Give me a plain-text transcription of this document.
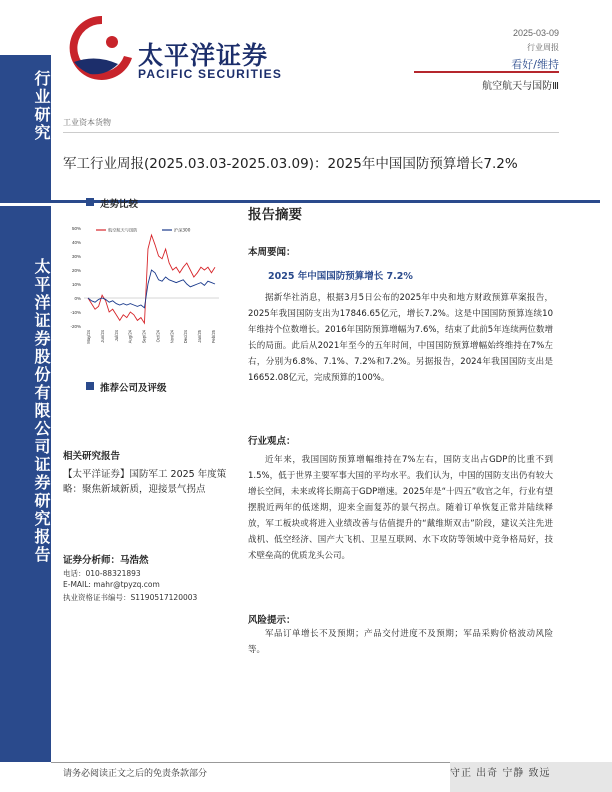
行业研究
太平洋证券股份有限公司证券研究报告
太平洋证券
PACIFIC SECURITIES
2025-03-09
行业周报
看好/维持
航空航天与国防Ⅲ
工业资本货物
军工行业周报(2025.03.03-2025.03.09)：2025年中国国防预算增长7.2%
走势比较
50%
40%
30%
20%
10%
0%
-10%
-20%
May/24 Jun/24 Jul/24 Aug/24 Sep/24 Oct/24 Nov/24 Dec/24 Jan/25 Feb/25
航空航天与国防	沪深300
推荐公司及评级
相关研究报告
【太平洋证券】国防军工 2025 年度策略：聚焦新域新质，迎接景气拐点
证券分析师：马浩然
电话：010-88321893
E-MAIL: mahr@tpyzq.com
执业资格证书编号：S1190517120003
报告摘要
本周要闻：
2025 年中国国防预算增长 7.2%
据新华社消息，根据3月5日公布的2025年中央和地方财政预算草案报告，2025年我国国防支出为17846.65亿元，增长7.2%。这是中国国防预算连续10年维持个位数增长。2016年国防预算增幅为7.6%，结束了此前5年连续两位数增长的局面。此后从2021年至今的五年时间，中国国防预算增幅始终维持在7%左右，分别为6.8%、7.1%、7.2%和7.2%。另据报告，2024年我国国防支出是16652.08亿元，完成预算的100%。
行业观点：
近年来，我国国防预算增幅维持在7%左右，国防支出占GDP的比重不到1.5%，低于世界主要军事大国的平均水平。我们认为，中国的国防支出仍有较大增长空间，未来或将长期高于GDP增速。2025年是“十四五”收官之年，行业有望摆脱近两年的低迷期，迎来全面复苏的景气拐点。随着订单恢复正常并陆续释放，军工板块或将进入业绩改善与估值提升的“戴维斯双击”阶段，建议关注先进战机、低空经济、国产大飞机、卫星互联网、水下攻防等领域中竞争格局好，技术壁垒高的优质龙头公司。
风险提示：
军品订单增长不及预期；产品交付进度不及预期；军品采购价格波动风险等。
请务必阅读正文之后的免责条款部分	守正 出奇 宁静 致远
